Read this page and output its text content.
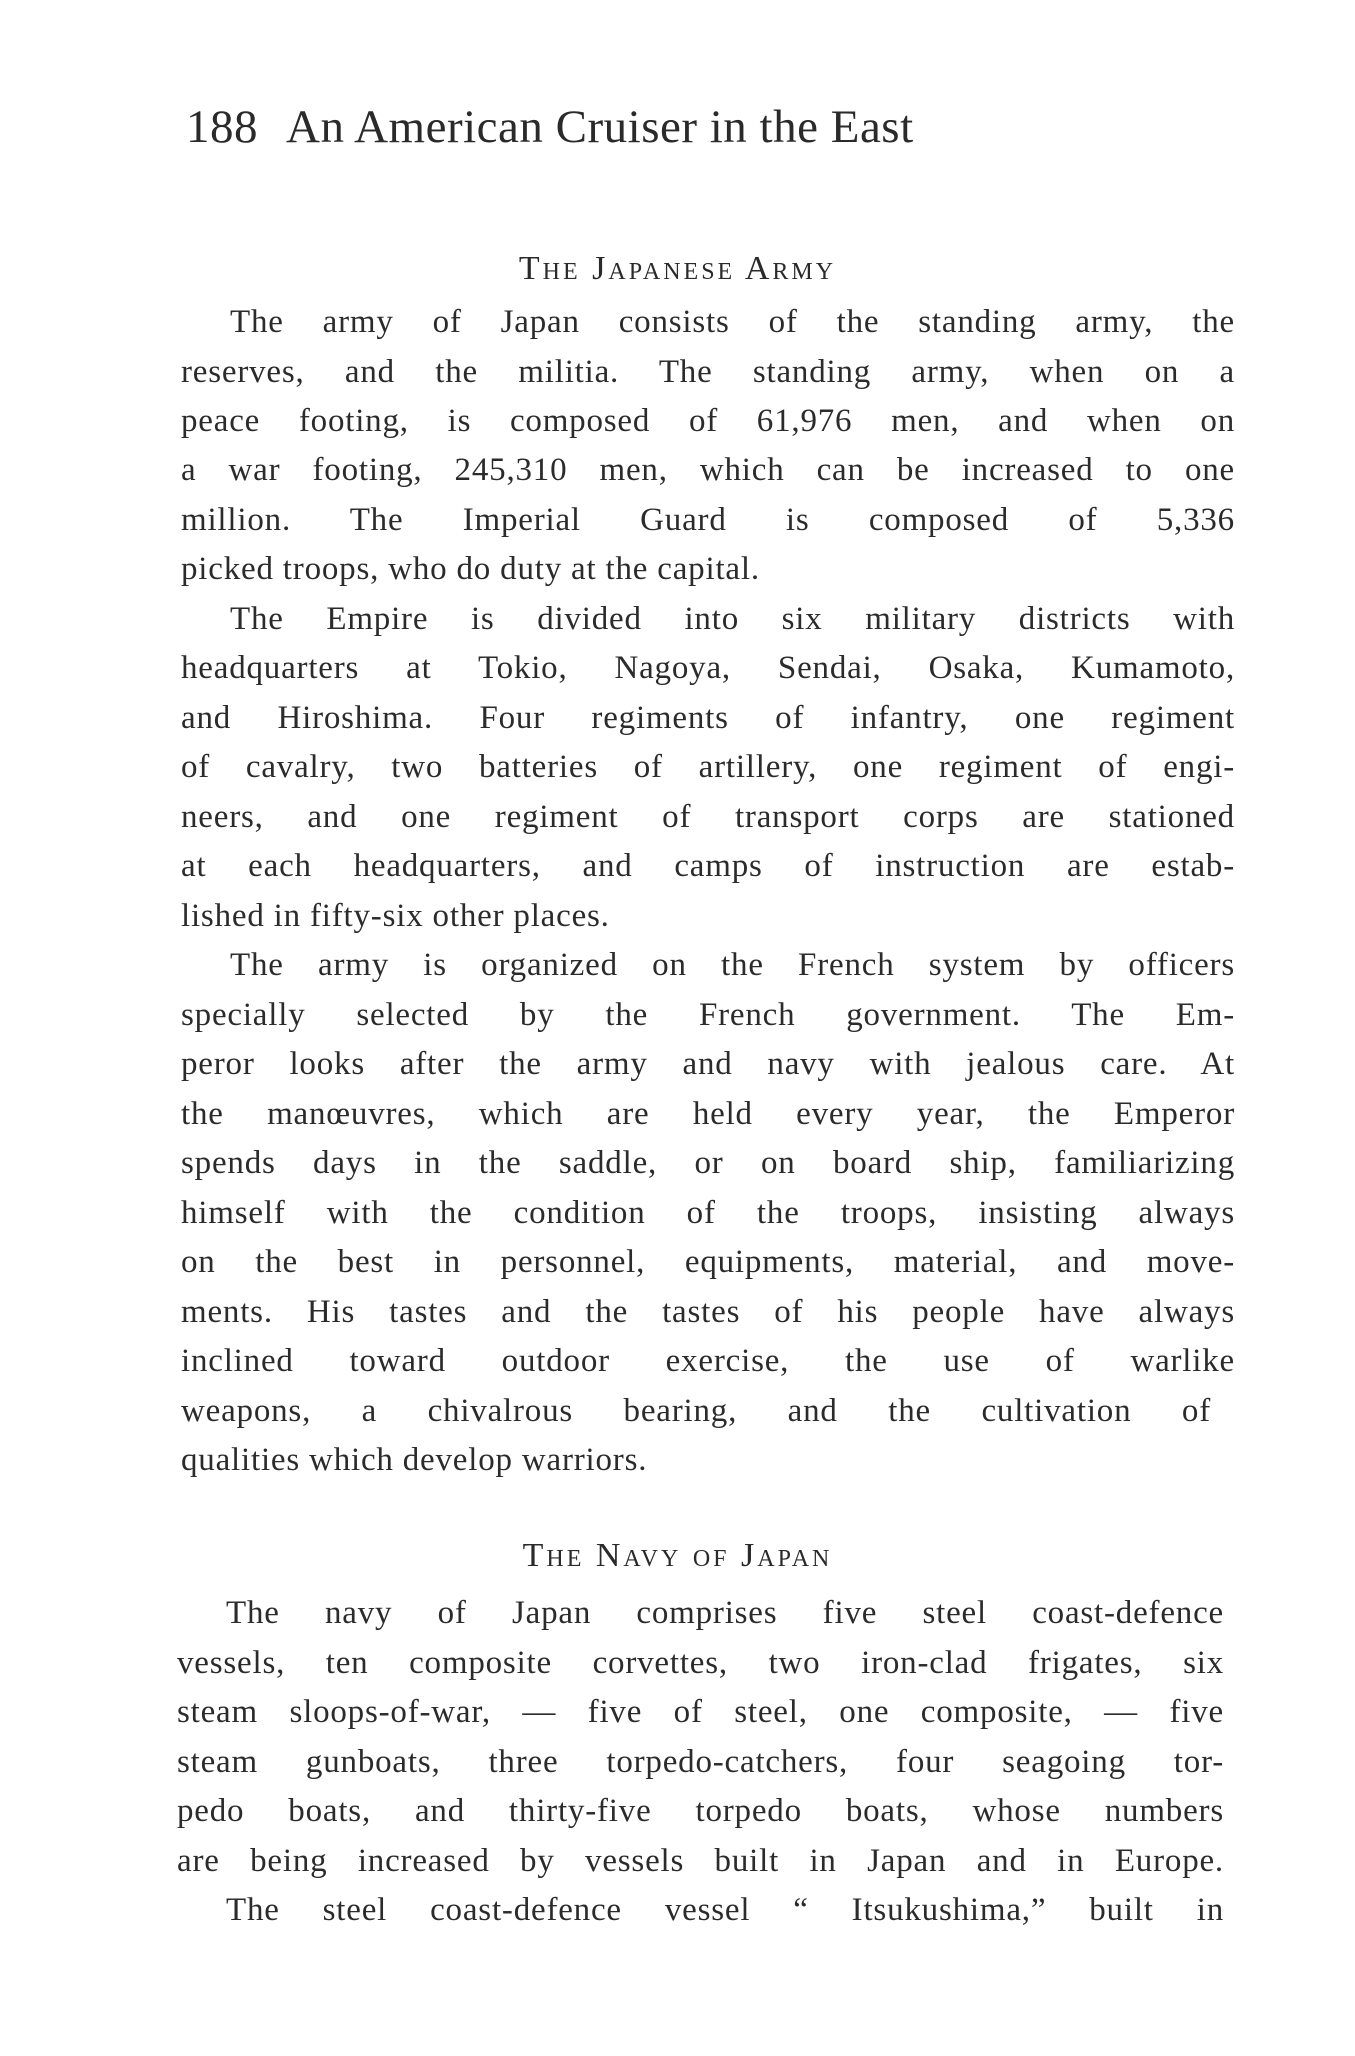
188 An American Cruiser in the East
The Japanese Army
The army of Japan consists of the standing army, the
reserves, and the militia. The standing army, when on a
peace footing, is composed of 61,976 men, and when on
a war footing, 245,310 men, which can be increased to one
million. The Imperial Guard is composed of 5,336
picked troops, who do duty at the capital.
The Empire is divided into six military districts with
headquarters at Tokio, Nagoya, Sendai, Osaka, Kumamoto,
and Hiroshima. Four regiments of infantry, one regiment
of cavalry, two batteries of artillery, one regiment of engi-
neers, and one regiment of transport corps are stationed
at each headquarters, and camps of instruction are estab-
lished in fifty-six other places.
The army is organized on the French system by officers
specially selected by the French government. The Em-
peror looks after the army and navy with jealous care. At
the manœuvres, which are held every year, the Emperor
spends days in the saddle, or on board ship, familiarizing
himself with the condition of the troops, insisting always
on the best in personnel, equipments, material, and move-
ments. His tastes and the tastes of his people have always
inclined toward outdoor exercise, the use of warlike
weapons, a chivalrous bearing, and the cultivation of
qualities which develop warriors.
The Navy of Japan
The navy of Japan comprises five steel coast-defence
vessels, ten composite corvettes, two iron-clad frigates, six
steam sloops-of-war, — five of steel, one composite, — five
steam gunboats, three torpedo-catchers, four seagoing tor-
pedo boats, and thirty-five torpedo boats, whose numbers
are being increased by vessels built in Japan and in Europe.
The steel coast-defence vessel “ Itsukushima,” built in
